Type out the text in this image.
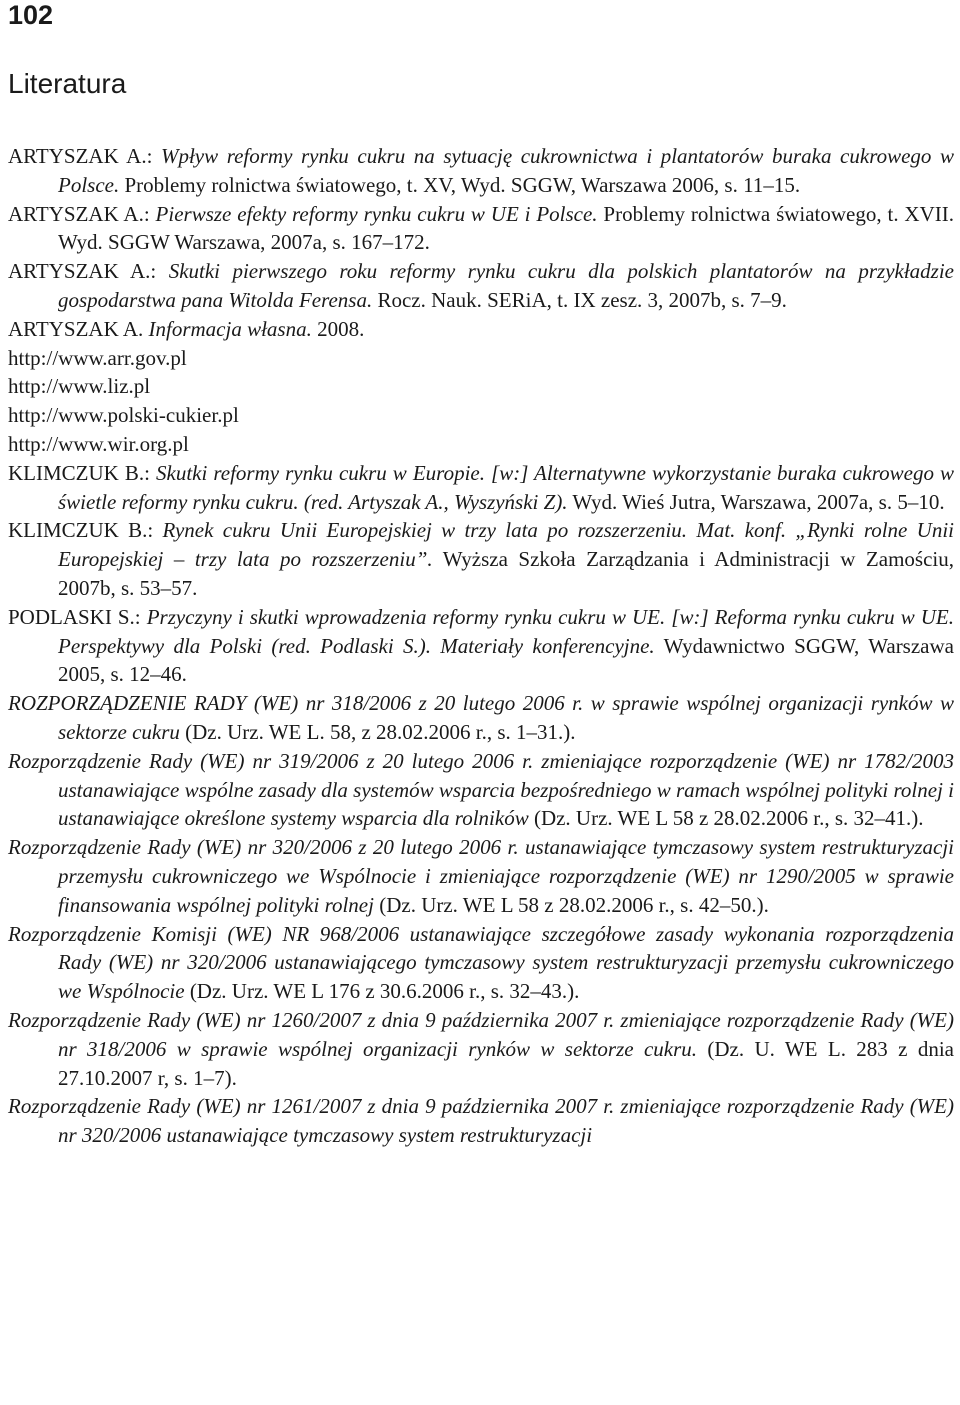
102
Literatura

ARTYSZAK A.: Wpływ reformy rynku cukru na sytuację cukrownictwa i plantatorów buraka cukrowego w Polsce. Problemy rolnictwa światowego, t. XV, Wyd. SGGW, Warszawa 2006, s. 11–15.

ARTYSZAK A.: Pierwsze efekty reformy rynku cukru w UE i Polsce. Problemy rolnictwa światowego, t. XVII. Wyd. SGGW Warszawa, 2007a, s. 167–172.

ARTYSZAK A.: Skutki pierwszego roku reformy rynku cukru dla polskich plantatorów na przykładzie gospodarstwa pana Witolda Ferensa. Rocz. Nauk. SERiA, t. IX zesz. 3, 2007b, s. 7–9.

ARTYSZAK A. Informacja własna. 2008.

http://www.arr.gov.pl

http://www.liz.pl

http://www.polski-cukier.pl

http://www.wir.org.pl

KLIMCZUK B.: Skutki reformy rynku cukru w Europie. [w:] Alternatywne wykorzystanie buraka cukrowego w świetle reformy rynku cukru. (red. Artyszak A., Wyszyński Z). Wyd. Wieś Jutra, Warszawa, 2007a, s. 5–10.

KLIMCZUK B.: Rynek cukru Unii Europejskiej w trzy lata po rozszerzeniu. Mat. konf. „Rynki rolne Unii Europejskiej – trzy lata po rozszerzeniu”. Wyższa Szkoła Zarządzania i Administracji w Zamościu, 2007b, s. 53–57.

PODLASKI S.: Przyczyny i skutki wprowadzenia reformy rynku cukru w UE. [w:] Reforma rynku cukru w UE. Perspektywy dla Polski (red. Podlaski S.). Materiały konferencyjne. Wydawnictwo SGGW, Warszawa 2005, s. 12–46.

ROZPORZĄDZENIE RADY (WE) nr 318/2006 z 20 lutego 2006 r. w sprawie wspólnej organizacji rynków w sektorze cukru (Dz. Urz. WE L. 58, z 28.02.2006 r., s. 1–31.).

Rozporządzenie Rady (WE) nr 319/2006 z 20 lutego 2006 r. zmieniające rozporządzenie (WE) nr 1782/2003 ustanawiające wspólne zasady dla systemów wsparcia bezpośredniego w ramach wspólnej polityki rolnej i ustanawiające określone systemy wsparcia dla rolników (Dz. Urz. WE L 58 z 28.02.2006 r., s. 32–41.).

Rozporządzenie Rady (WE) nr 320/2006 z 20 lutego 2006 r. ustanawiające tymczasowy system restrukturyzacji przemysłu cukrowniczego we Wspólnocie i zmieniające rozporządzenie (WE) nr 1290/2005 w sprawie finansowania wspólnej polityki rolnej (Dz. Urz. WE L 58 z 28.02.2006 r., s. 42–50.).

Rozporządzenie Komisji (WE) NR 968/2006 ustanawiające szczegółowe zasady wykonania rozporządzenia Rady (WE) nr 320/2006 ustanawiającego tymczasowy system restrukturyzacji przemysłu cukrowniczego we Wspólnocie (Dz. Urz. WE L 176 z 30.6.2006 r., s. 32–43.).

Rozporządzenie Rady (WE) nr 1260/2007 z dnia 9 października 2007 r. zmieniające rozporządzenie Rady (WE) nr 318/2006 w sprawie wspólnej organizacji rynków w sektorze cukru. (Dz. U. WE L. 283 z dnia 27.10.2007 r, s. 1–7).

Rozporządzenie Rady (WE) nr 1261/2007 z dnia 9 października 2007 r. zmieniające rozporządzenie Rady (WE) nr 320/2006 ustanawiające tymczasowy system restrukturyzacji
